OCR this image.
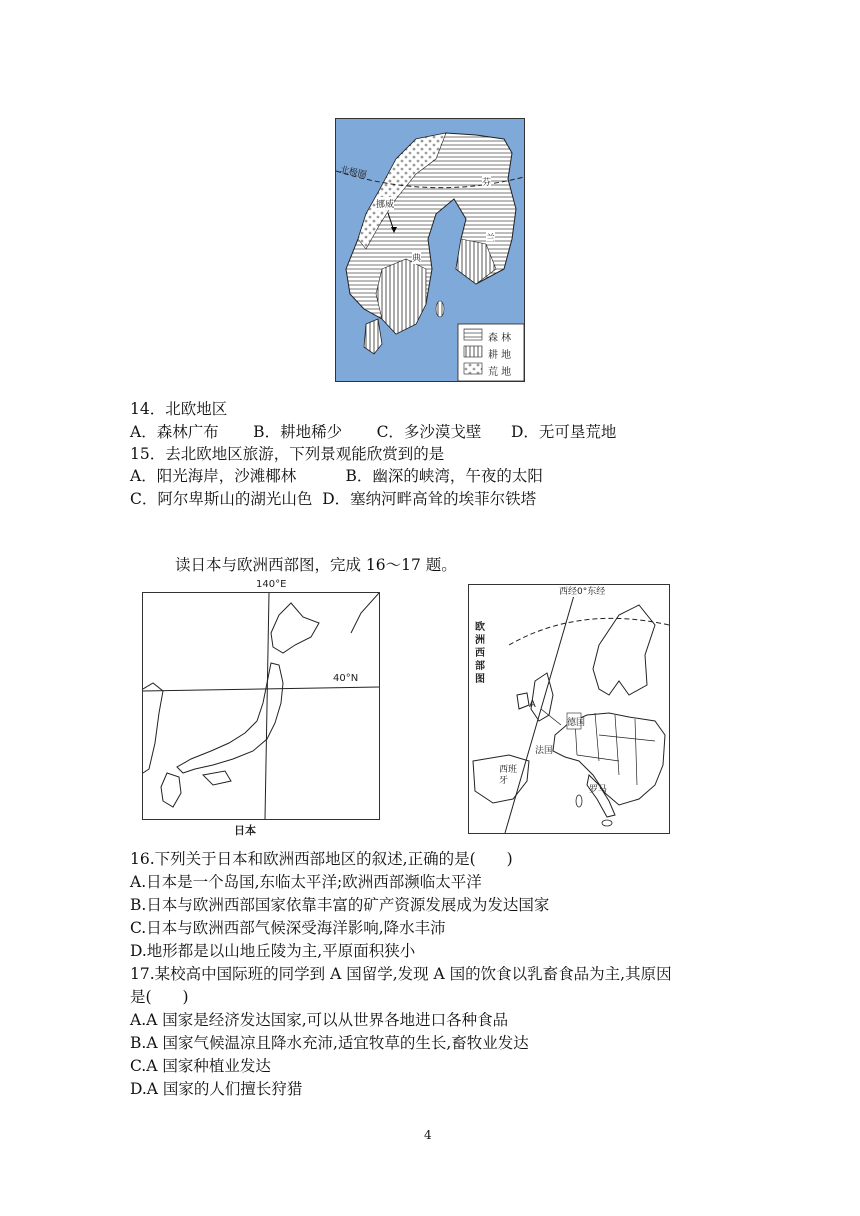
北极圈
挪威
典
芬
兰
森 林
耕 地
荒 地
14．北欧地区
A．森林广布       B．耕地稀少       C．多沙漠戈壁      D．无可垦荒地
15．去北欧地区旅游，下列景观能欣赏到的是
A．阳光海岸，沙滩椰林          B．幽深的峡湾，午夜的太阳
C．阿尔卑斯山的湖光山色  D．塞纳河畔高耸的埃菲尔铁塔
读日本与欧洲西部图，完成 16～17 题。
40°N
140°E
日本
西经0°东经
欧洲西部图
A
德国
法国
西班牙
罗马
16.下列关于日本和欧洲西部地区的叙述,正确的是(　　)
A.日本是一个岛国,东临太平洋;欧洲西部濒临太平洋
B.日本与欧洲西部国家依靠丰富的矿产资源发展成为发达国家
C.日本与欧洲西部气候深受海洋影响,降水丰沛
D.地形都是以山地丘陵为主,平原面积狭小
17.某校高中国际班的同学到 A 国留学,发现 A 国的饮食以乳畜食品为主,其原因
是(　　)
A.A 国家是经济发达国家,可以从世界各地进口各种食品
B.A 国家气候温凉且降水充沛,适宜牧草的生长,畜牧业发达
C.A 国家种植业发达
D.A 国家的人们擅长狩猎
4
